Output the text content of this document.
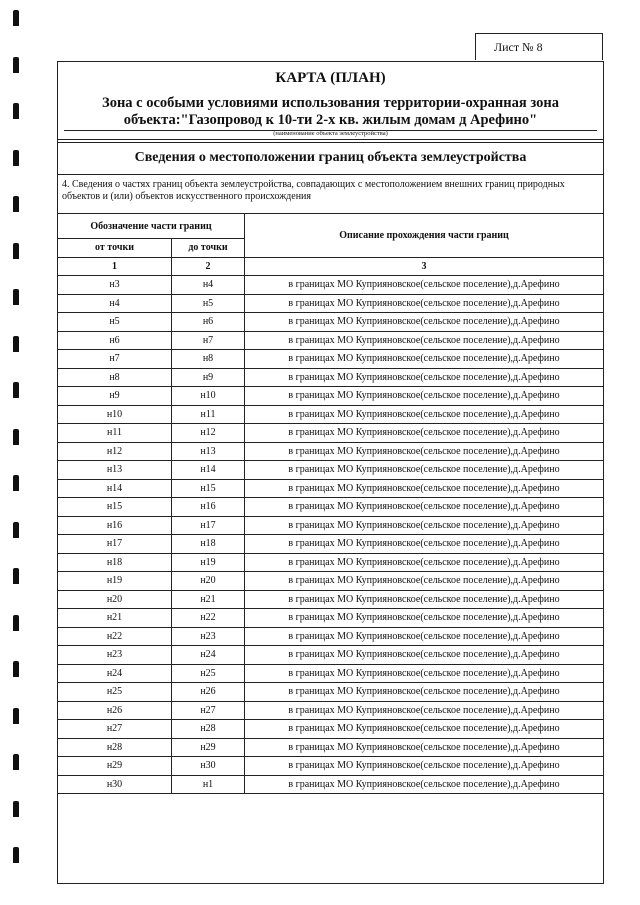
Лист № 8
КАРТА (ПЛАН)
Зона с особыми условиями использования территории-охранная зона
объекта:"Газопровод к 10-ти 2-х кв. жилым домам д Арефино"
(наименование объекта землеустройства)
Сведения о местоположении границ объекта землеустройства
4. Сведения о частях границ объекта землеустройства, совпадающих с местоположением внешних границ природных объектов и (или) объектов искусственного происхождения
Обозначение части границ		Описание прохождения части границ
от точки	до точки	
1	2	3
н3	н4	в границах МО Куприяновское(сельское поселение),д.Арефино
н4	н5	в границах МО Куприяновское(сельское поселение),д.Арефино
н5	н6	в границах МО Куприяновское(сельское поселение),д.Арефино
н6	н7	в границах МО Куприяновское(сельское поселение),д.Арефино
н7	н8	в границах МО Куприяновское(сельское поселение),д.Арефино
н8	н9	в границах МО Куприяновское(сельское поселение),д.Арефино
н9	н10	в границах МО Куприяновское(сельское поселение),д.Арефино
н10	н11	в границах МО Куприяновское(сельское поселение),д.Арефино
н11	н12	в границах МО Куприяновское(сельское поселение),д.Арефино
н12	н13	в границах МО Куприяновское(сельское поселение),д.Арефино
н13	н14	в границах МО Куприяновское(сельское поселение),д.Арефино
н14	н15	в границах МО Куприяновское(сельское поселение),д.Арефино
н15	н16	в границах МО Куприяновское(сельское поселение),д.Арефино
н16	н17	в границах МО Куприяновское(сельское поселение),д.Арефино
н17	н18	в границах МО Куприяновское(сельское поселение),д.Арефино
н18	н19	в границах МО Куприяновское(сельское поселение),д.Арефино
н19	н20	в границах МО Куприяновское(сельское поселение),д.Арефино
н20	н21	в границах МО Куприяновское(сельское поселение),д.Арефино
н21	н22	в границах МО Куприяновское(сельское поселение),д.Арефино
н22	н23	в границах МО Куприяновское(сельское поселение),д.Арефино
н23	н24	в границах МО Куприяновское(сельское поселение),д.Арефино
н24	н25	в границах МО Куприяновское(сельское поселение),д.Арефино
н25	н26	в границах МО Куприяновское(сельское поселение),д.Арефино
н26	н27	в границах МО Куприяновское(сельское поселение),д.Арефино
н27	н28	в границах МО Куприяновское(сельское поселение),д.Арефино
н28	н29	в границах МО Куприяновское(сельское поселение),д.Арефино
н29	н30	в границах МО Куприяновское(сельское поселение),д.Арефино
н30	н1	в границах МО Куприяновское(сельское поселение),д.Арефино
